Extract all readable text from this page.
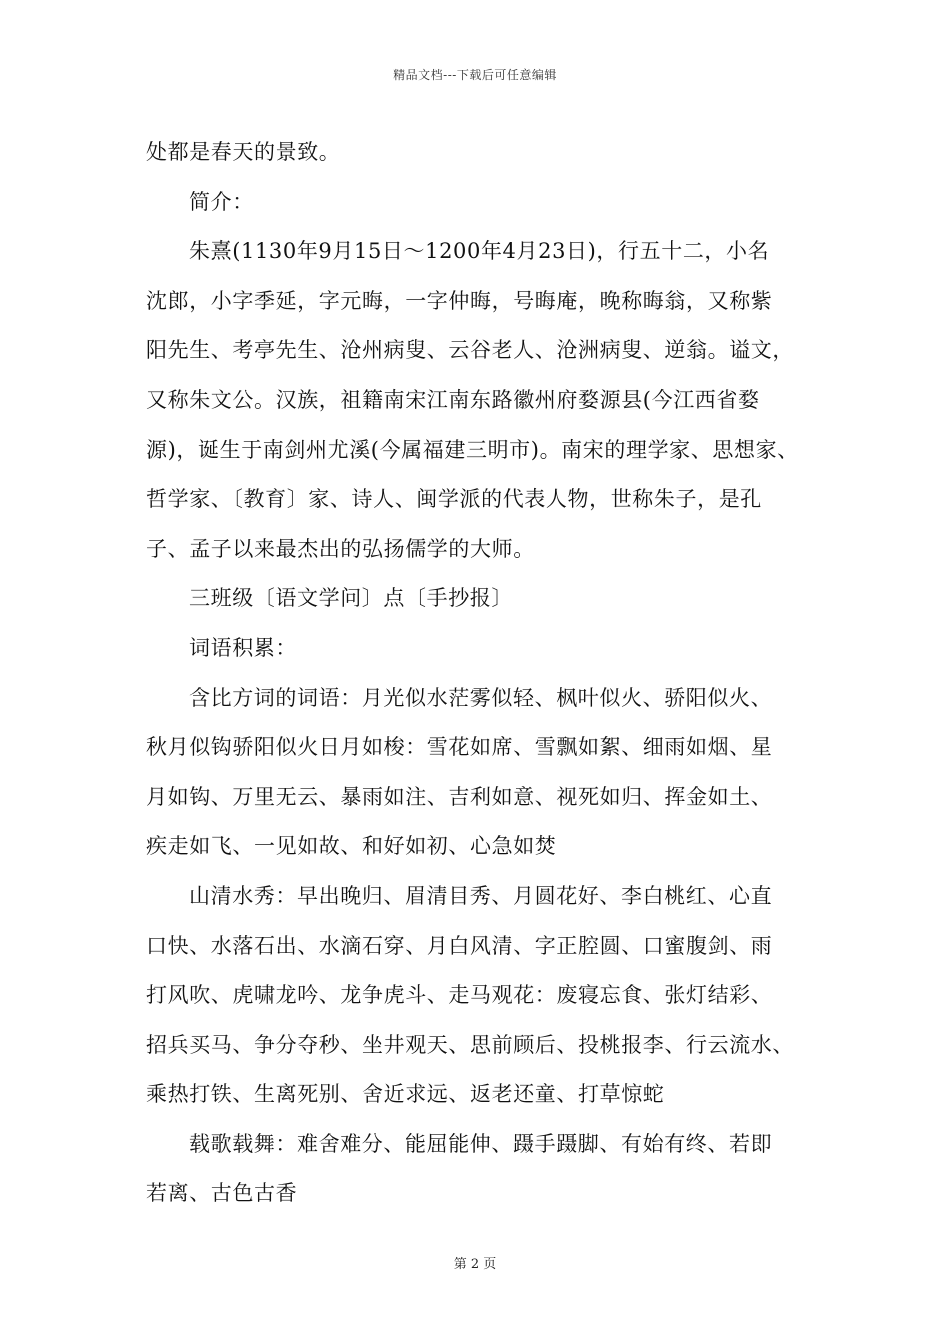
精品文档---下载后可任意编辑
处都是春天的景致。
简介：
朱熹(1130年9月15日～1200年4月23日)，行五十二，小名
沈郎，小字季延，字元晦，一字仲晦，号晦庵，晚称晦翁，又称紫
阳先生、考亭先生、沧州病叟、云谷老人、沧洲病叟、逆翁。谥文，
又称朱文公。汉族，祖籍南宋江南东路徽州府婺源县(今江西省婺
源)，诞生于南剑州尤溪(今属福建三明市)。南宋的理学家、思想家、
哲学家、〔教育〕家、诗人、闽学派的代表人物，世称朱子，是孔
子、孟子以来最杰出的弘扬儒学的大师。
三班级〔语文学问〕点〔手抄报〕
词语积累：
含比方词的词语：月光似水茫雾似轻、枫叶似火、骄阳似火、
秋月似钩骄阳似火日月如梭：雪花如席、雪飘如絮、细雨如烟、星
月如钩、万里无云、暴雨如注、吉利如意、视死如归、挥金如土、
疾走如飞、一见如故、和好如初、心急如焚
山清水秀：早出晚归、眉清目秀、月圆花好、李白桃红、心直
口快、水落石出、水滴石穿、月白风清、字正腔圆、口蜜腹剑、雨
打风吹、虎啸龙吟、龙争虎斗、走马观花：废寝忘食、张灯结彩、
招兵买马、争分夺秒、坐井观天、思前顾后、投桃报李、行云流水、
乘热打铁、生离死别、舍近求远、返老还童、打草惊蛇
载歌载舞：难舍难分、能屈能伸、蹑手蹑脚、有始有终、若即
若离、古色古香
第 2 页
